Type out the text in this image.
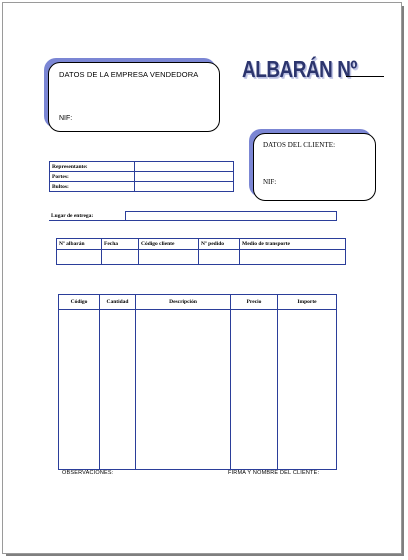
DATOS DE LA EMPRESA VENDEDORA
NIF:
ALBARÁN Nº
DATOS DEL CLIENTE:
NIF:
Representante:	
Portes:	
Bultos:	
Lugar de entrega:	
Nº albarán	Fecha	Código cliente	Nº pedido	Medio de transporte

Código	Cantidad	Descripción	Precio	Importe

OBSERVACIONES:	FIRMA Y NOMBRE DEL CLIENTE:
